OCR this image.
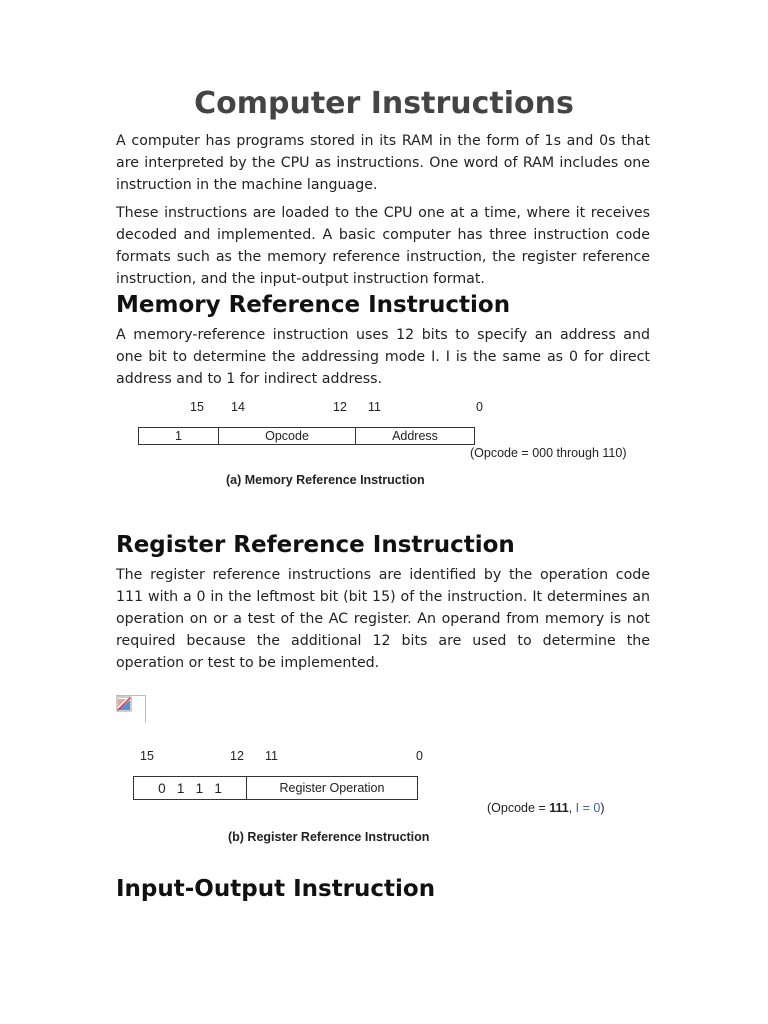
Computer Instructions

A computer has programs stored in its RAM in the form of 1s and 0s that are interpreted by the CPU as instructions. One word of RAM includes one instruction in the machine language.

These instructions are loaded to the CPU one at a time, where it receives decoded and implemented. A basic computer has three instruction code formats such as the memory reference instruction, the register reference instruction, and the input-output instruction format.

Memory Reference Instruction

A memory-reference instruction uses 12 bits to specify an address and one bit to determine the addressing mode I. I is the same as 0 for direct address and to 1 for indirect address.

15 14	12 11	0
1	Opcode	Address
(Opcode = 000 through 110)
(a) Memory Reference Instruction
Register Reference Instruction

The register reference instructions are identified by the operation code 111 with a 0 in the leftmost bit (bit 15) of the instruction. It determines an operation on or a test of the AC register. An operand from memory is not required because the additional 12 bits are used to determine the operation or test to be implemented.

15	12 11	0
0   1   1   1	Register Operation
(Opcode = 111, I = 0)
(b) Register Reference Instruction
Input-Output Instruction
